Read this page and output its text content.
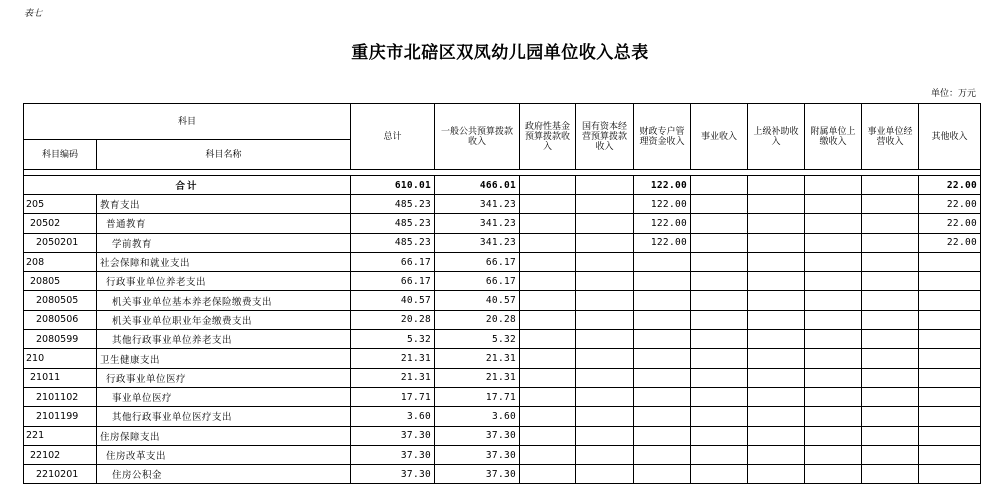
表七
重庆市北碚区双凤幼儿园单位收入总表
单位：万元
科目		总计	一般公共预算拨款收入	政府性基金预算拨款收入	国有资本经营预算拨款收入	财政专户管理资金收入	事业收入	上级补助收入	附属单位上缴收入	事业单位经营收入	其他收入
科目编码	科目名称										

合计		610.01	466.01			122.00					22.00
205	教育支出	485.23	341.23			122.00					22.00
20502	普通教育	485.23	341.23			122.00					22.00
2050201	学前教育	485.23	341.23			122.00					22.00
208	社会保障和就业支出	66.17	66.17								
20805	行政事业单位养老支出	66.17	66.17								
2080505	机关事业单位基本养老保险缴费支出	40.57	40.57								
2080506	机关事业单位职业年金缴费支出	20.28	20.28								
2080599	其他行政事业单位养老支出	5.32	5.32								
210	卫生健康支出	21.31	21.31								
21011	行政事业单位医疗	21.31	21.31								
2101102	事业单位医疗	17.71	17.71								
2101199	其他行政事业单位医疗支出	3.60	3.60								
221	住房保障支出	37.30	37.30								
22102	住房改革支出	37.30	37.30								
2210201	住房公积金	37.30	37.30								
